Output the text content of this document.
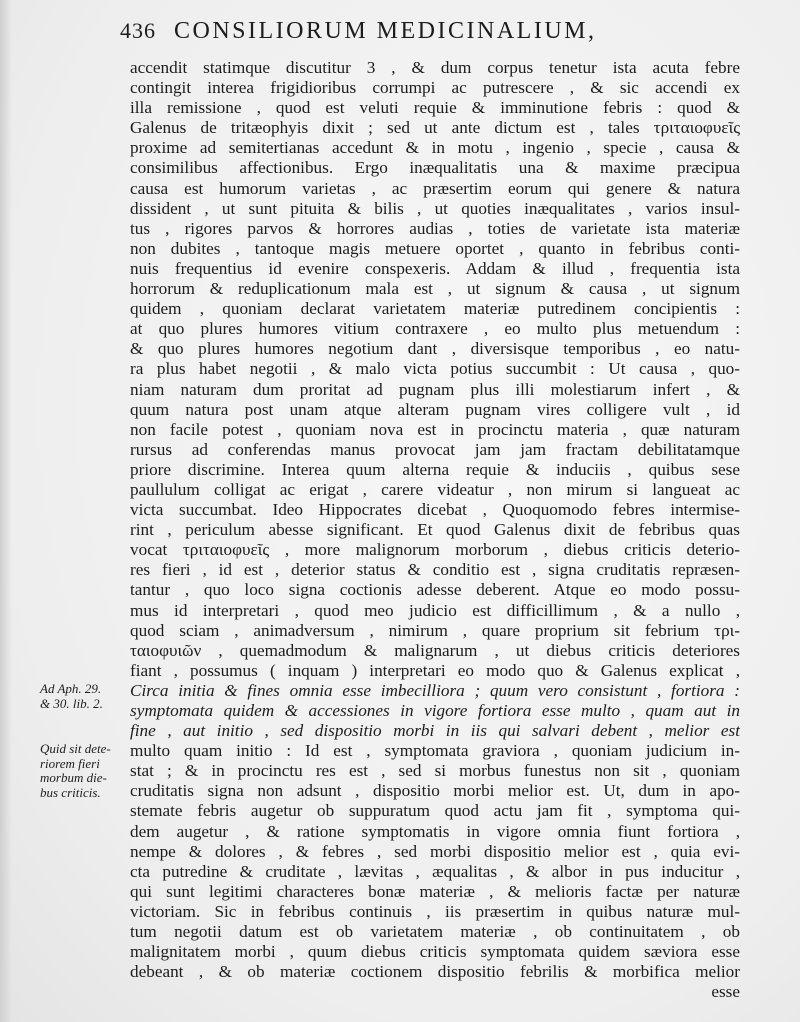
436 CONSILIORUM MEDICINALIUM,
Ad Aph. 29.
& 30. lib. 2.
Quid sit dete-
riorem fieri
morbum die-
bus criticis.
accendit statimque discutitur 3 , & dum corpus tenetur ista acuta febre
contingit interea frigidioribus corrumpi ac putrescere , & sic accendi ex
illa remissione , quod est veluti requie & imminutione febris : quod &
Galenus de tritæophyis dixit ; sed ut ante dictum est , tales τριταιοφυεῖς
proxime ad semitertianas accedunt & in motu , ingenio , specie , causa &
consimilibus affectionibus. Ergo inæqualitatis una & maxime præcipua
causa est humorum varietas , ac præsertim eorum qui genere & natura
dissident , ut sunt pituita & bilis , ut quoties inæqualitates , varios insul-
tus , rigores parvos & horrores audias , toties de varietate ista materiæ
non dubites , tantoque magis metuere oportet , quanto in febribus conti-
nuis frequentius id evenire conspexeris. Addam & illud , frequentia ista
horrorum & reduplicationum mala est , ut signum & causa , ut signum
quidem , quoniam declarat varietatem materiæ putredinem concipientis :
at quo plures humores vitium contraxere , eo multo plus metuendum :
& quo plures humores negotium dant , diversisque temporibus , eo natu-
ra plus habet negotii , & malo victa potius succumbit : Ut causa , quo-
niam naturam dum proritat ad pugnam plus illi molestiarum infert , &
quum natura post unam atque alteram pugnam vires colligere vult , id
non facile potest , quoniam nova est in procinctu materia , quæ naturam
rursus ad conferendas manus provocat jam jam fractam debilitatamque
priore discrimine. Interea quum alterna requie & induciis , quibus sese
paullulum colligat ac erigat , carere videatur , non mirum si langueat ac
victa succumbat. Ideo Hippocrates dicebat , Quoquomodo febres intermise-
rint , periculum abesse significant. Et quod Galenus dixit de febribus quas
vocat τριταιοφυεῖς , more malignorum morborum , diebus criticis deterio-
res fieri , id est , deterior status & conditio est , signa cruditatis repræsen-
tantur , quo loco signa coctionis adesse deberent. Atque eo modo possu-
mus id interpretari , quod meo judicio est difficillimum , & a nullo ,
quod sciam , animadversum , nimirum , quare proprium sit febrium τρι-
ταιοφυιῶν , quemadmodum & malignarum , ut diebus criticis deteriores
fiant , possumus ( inquam ) interpretari eo modo quo & Galenus explicat ,
Circa initia & fines omnia esse imbecilliora ; quum vero consistunt , fortiora :
symptomata quidem & accessiones in vigore fortiora esse multo , quam aut in
fine , aut initio , sed dispositio morbi in iis qui salvari debent , melior est
multo quam initio : Id est , symptomata graviora , quoniam judicium in-
stat ; & in procinctu res est , sed si morbus funestus non sit , quoniam
cruditatis signa non adsunt , dispositio morbi melior est. Ut, dum in apo-
stemate febris augetur ob suppuratum quod actu jam fit , symptoma qui-
dem augetur , & ratione symptomatis in vigore omnia fiunt fortiora ,
nempe & dolores , & febres , sed morbi dispositio melior est , quia evi-
cta putredine & cruditate , lævitas , æqualitas , & albor in pus inducitur ,
qui sunt legitimi characteres bonæ materiæ , & melioris factæ per naturæ
victoriam. Sic in febribus continuis , iis præsertim in quibus naturæ mul-
tum negotii datum est ob varietatem materiæ , ob continuitatem , ob
malignitatem morbi , quum diebus criticis symptomata quidem sæviora esse
debeant , & ob materiæ coctionem dispositio febrilis & morbifica melior
esse
